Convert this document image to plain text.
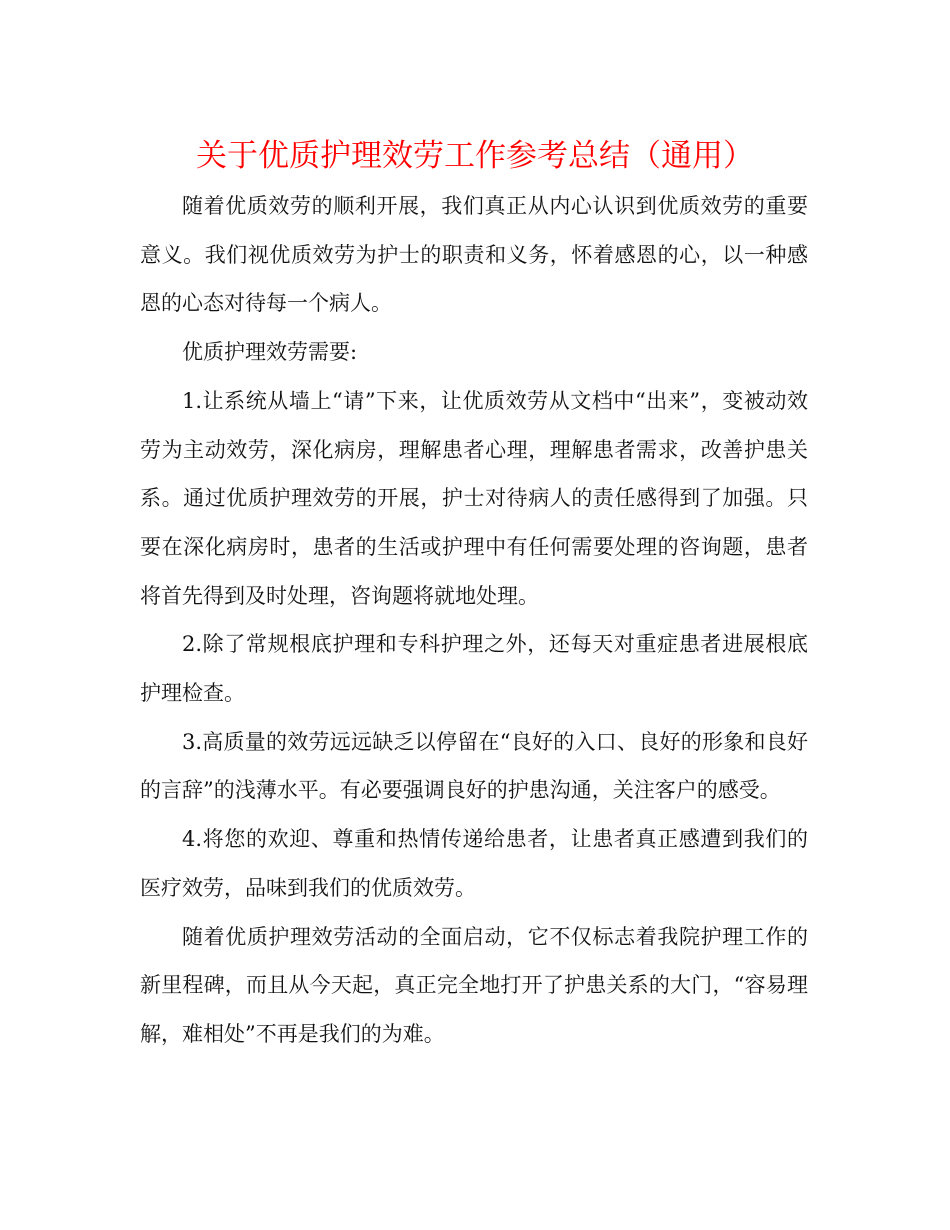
关于优质护理效劳工作参考总结（通用）

随着优质效劳的顺利开展，我们真正从内心认识到优质效劳的重要意义。我们视优质效劳为护士的职责和义务，怀着感恩的心，以一种感恩的心态对待每一个病人。

优质护理效劳需要:

1.让系统从墙上“请”下来，让优质效劳从文档中“出来”，变被动效劳为主动效劳，深化病房，理解患者心理，理解患者需求，改善护患关系。通过优质护理效劳的开展，护士对待病人的责任感得到了加强。只要在深化病房时，患者的生活或护理中有任何需要处理的咨询题，患者将首先得到及时处理，咨询题将就地处理。

2.除了常规根底护理和专科护理之外，还每天对重症患者进展根底护理检查。

3.高质量的效劳远远缺乏以停留在“良好的入口、良好的形象和良好的言辞”的浅薄水平。有必要强调良好的护患沟通，关注客户的感受。

4.将您的欢迎、尊重和热情传递给患者，让患者真正感遭到我们的医疗效劳，品味到我们的优质效劳。

随着优质护理效劳活动的全面启动，它不仅标志着我院护理工作的新里程碑，而且从今天起，真正完全地打开了护患关系的大门，“容易理解，难相处”不再是我们的为难。
